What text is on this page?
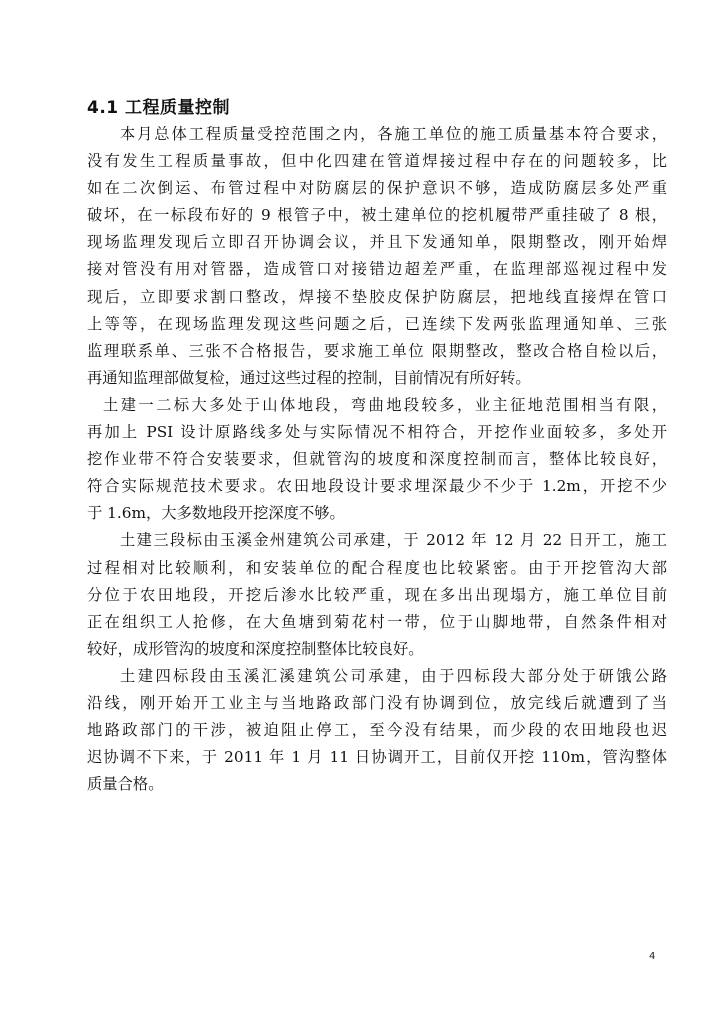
4.1 工程质量控制
本月总体工程质量受控范围之内，各施工单位的施工质量基本符合要求，
没有发生工程质量事故，但中化四建在管道焊接过程中存在的问题较多，比
如在二次倒运、布管过程中对防腐层的保护意识不够，造成防腐层多处严重
破坏，在一标段布好的 9 根管子中，被土建单位的挖机履带严重挂破了 8 根，
现场监理发现后立即召开协调会议，并且下发通知单，限期整改，刚开始焊
接对管没有用对管器，造成管口对接错边超差严重，在监理部巡视过程中发
现后，立即要求割口整改，焊接不垫胶皮保护防腐层，把地线直接焊在管口
上等等，在现场监理发现这些问题之后，已连续下发两张监理通知单、三张
监理联系单、三张不合格报告，要求施工单位 限期整改，整改合格自检以后，
再通知监理部做复检，通过这些过程的控制，目前情况有所好转。
土建一二标大多处于山体地段，弯曲地段较多，业主征地范围相当有限，
再加上 PSI 设计原路线多处与实际情况不相符合，开挖作业面较多，多处开
挖作业带不符合安装要求，但就管沟的坡度和深度控制而言，整体比较良好，
符合实际规范技术要求。农田地段设计要求埋深最少不少于 1.2m，开挖不少
于 1.6m，大多数地段开挖深度不够。
土建三段标由玉溪金州建筑公司承建，于 2012 年 12 月 22 日开工，施工
过程相对比较顺利，和安装单位的配合程度也比较紧密。由于开挖管沟大部
分位于农田地段，开挖后渗水比较严重，现在多出出现塌方，施工单位目前
正在组织工人抢修，在大鱼塘到菊花村一带，位于山脚地带，自然条件相对
较好，成形管沟的坡度和深度控制整体比较良好。
土建四标段由玉溪汇溪建筑公司承建，由于四标段大部分处于研饿公路
沿线，刚开始开工业主与当地路政部门没有协调到位，放完线后就遭到了当
地路政部门的干涉，被迫阻止停工，至今没有结果，而少段的农田地段也迟
迟协调不下来，于 2011 年 1 月 11 日协调开工，目前仅开挖 110m，管沟整体
质量合格。
4
